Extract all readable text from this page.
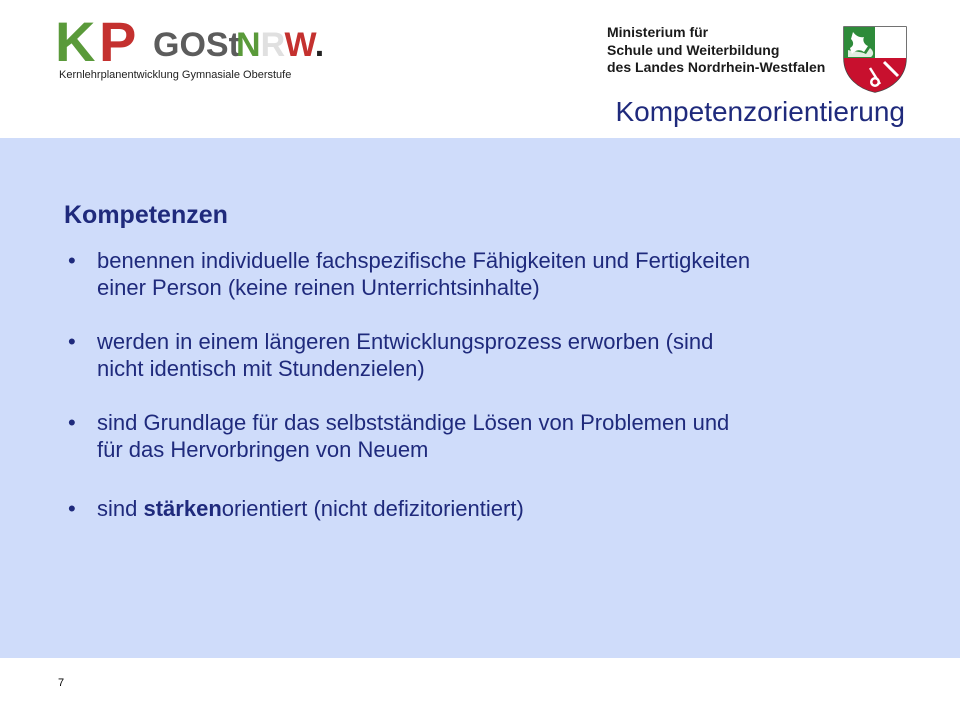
K P GOSt
NRW.
Kernlehrplanentwicklung Gymnasiale Oberstufe
Ministerium für
Schule und Weiterbildung
des Landes Nordrhein-Westfalen
Kompetenzorientierung
Kompetenzen
• benennen individuelle fachspezifische Fähigkeiten und Fertigkeiten
einer Person (keine reinen Unterrichtsinhalte)
• werden in einem längeren Entwicklungsprozess erworben (sind
nicht identisch mit Stundenzielen)
• sind Grundlage für das selbstständige Lösen von Problemen und
für das Hervorbringen von Neuem
• sind stärkenorientiert (nicht defizitorientiert)
7
